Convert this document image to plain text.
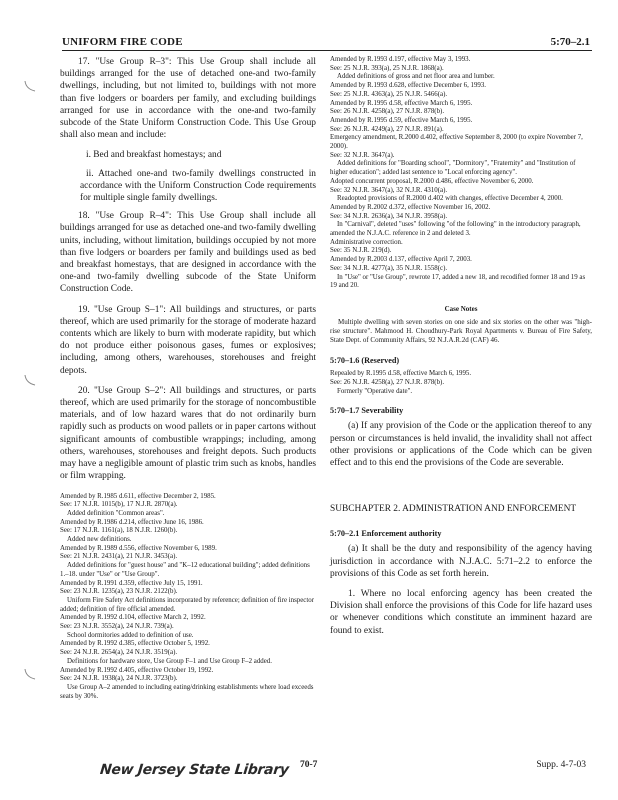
UNIFORM FIRE CODE	5:70–2.1

17. "Use Group R–3": This Use Group shall include all buildings arranged for the use of detached one-and two-family dwellings, including, but not limited to, buildings with not more than five lodgers or boarders per family, and excluding buildings arranged for use in accordance with the one-and two-family subcode of the State Uniform Construction Code. This Use Group shall also mean and include:

i. Bed and breakfast homestays; and

ii. Attached one-and two-family dwellings constructed in accordance with the Uniform Construction Code requirements for multiple single family dwellings.

18. "Use Group R–4": This Use Group shall include all buildings arranged for use as detached one-and two-family dwelling units, including, without limitation, buildings occupied by not more than five lodgers or boarders per family and buildings used as bed and breakfast homestays, that are designed in accordance with the one-and two-family dwelling subcode of the State Uniform Construction Code.

19. "Use Group S–1": All buildings and structures, or parts thereof, which are used primarily for the storage of moderate hazard contents which are likely to burn with moderate rapidity, but which do not produce either poisonous gases, fumes or explosives; including, among others, warehouses, storehouses and freight depots.

20. "Use Group S–2": All buildings and structures, or parts thereof, which are used primarily for the storage of noncombustible materials, and of low hazard wares that do not ordinarily burn rapidly such as products on wood pallets or in paper cartons without significant amounts of combustible wrappings; including, among others, warehouses, storehouses and freight depots. Such products may have a negligible amount of plastic trim such as knobs, handles or film wrapping.

Amended by R.1985 d.611, effective December 2, 1985.

See: 17 N.J.R. 1015(b), 17 N.J.R. 2870(a).

Added definition "Common areas".

Amended by R.1986 d.214, effective June 16, 1986.

See: 17 N.J.R. 1161(a), 18 N.J.R. 1260(b).

Added new definitions.

Amended by R.1989 d.556, effective November 6, 1989.

See: 21 N.J.R. 2431(a), 21 N.J.R. 3453(a).

Added definitions for "guest house" and "K–12 educational building"; added definitions 1.–18. under "Use" or "Use Group".

Amended by R.1991 d.359, effective July 15, 1991.

See: 23 N.J.R. 1235(a), 23 N.J.R. 2122(b).

Uniform Fire Safety Act definitions incorporated by reference; definition of fire inspector added; definition of fire official amended.

Amended by R.1992 d.104, effective March 2, 1992.

See: 23 N.J.R. 3552(a), 24 N.J.R. 739(a).

School dormitories added to definition of use.

Amended by R.1992 d.385, effective October 5, 1992.

See: 24 N.J.R. 2654(a), 24 N.J.R. 3519(a).

Definitions for hardware store, Use Group F–1 and Use Group F–2 added.

Amended by R.1992 d.405, effective October 19, 1992.

See: 24 N.J.R. 1938(a), 24 N.J.R. 3723(b).

Use Group A–2 amended to including eating/drinking establishments where load exceeds seats by 30%.

Amended by R.1993 d.197, effective May 3, 1993.

See: 25 N.J.R. 393(a), 25 N.J.R. 1868(a).

Added definitions of gross and net floor area and lumber.

Amended by R.1993 d.628, effective December 6, 1993.

See: 25 N.J.R. 4363(a), 25 N.J.R. 5466(a).

Amended by R.1995 d.58, effective March 6, 1995.

See: 26 N.J.R. 4258(a), 27 N.J.R. 878(b).

Amended by R.1995 d.59, effective March 6, 1995.

See: 26 N.J.R. 4249(a), 27 N.J.R. 891(a).

Emergency amendment, R.2000 d.402, effective September 8, 2000 (to expire November 7, 2000).

See: 32 N.J.R. 3647(a).

Added definitions for "Boarding school", "Dormitory", "Fraternity" and "Institution of higher education"; added last sentence to "Local enforcing agency".

Adopted concurrent proposal, R.2000 d.486, effective November 6, 2000.

See: 32 N.J.R. 3647(a), 32 N.J.R. 4310(a).

Readopted provisions of R.2000 d.402 with changes, effective December 4, 2000.

Amended by R.2002 d.372, effective November 16, 2002.

See: 34 N.J.R. 2636(a), 34 N.J.R. 3958(a).

In "Carnival", deleted "uses" following "of the following" in the introductory paragraph, amended the N.J.A.C. reference in 2 and deleted 3.

Administrative correction.

See: 35 N.J.R. 219(d).

Amended by R.2003 d.137, effective April 7, 2003.

See: 34 N.J.R. 4277(a), 35 N.J.R. 1558(c).

In "Use" or "Use Group", rewrote 17, added a new 18, and recodified former 18 and 19 as 19 and 20.

Case Notes

Multiple dwelling with seven stories on one side and six stories on the other was "high-rise structure". Mahmood H. Choudhury-Park Royal Apartments v. Bureau of Fire Safety, State Dept. of Community Affairs, 92 N.J.A.R.2d (CAF) 46.

5:70–1.6 (Reserved)

Repealed by R.1995 d.58, effective March 6, 1995.

See: 26 N.J.R. 4258(a), 27 N.J.R. 878(b).

Formerly "Operative date".

5:70–1.7 Severability

(a) If any provision of the Code or the application thereof to any person or circumstances is held invalid, the invalidity shall not affect other provisions or applications of the Code which can be given effect and to this end the provisions of the Code are severable.

SUBCHAPTER 2. ADMINISTRATION AND ENFORCEMENT
5:70–2.1 Enforcement authority

(a) It shall be the duty and responsibility of the agency having jurisdiction in accordance with N.J.A.C. 5:71–2.2 to enforce the provisions of this Code as set forth herein.

1. Where no local enforcing agency has been created the Division shall enforce the provisions of this Code for life hazard uses or whenever conditions which constitute an imminent hazard are found to exist.

New Jersey State Library 70-7	Supp. 4-7-03
